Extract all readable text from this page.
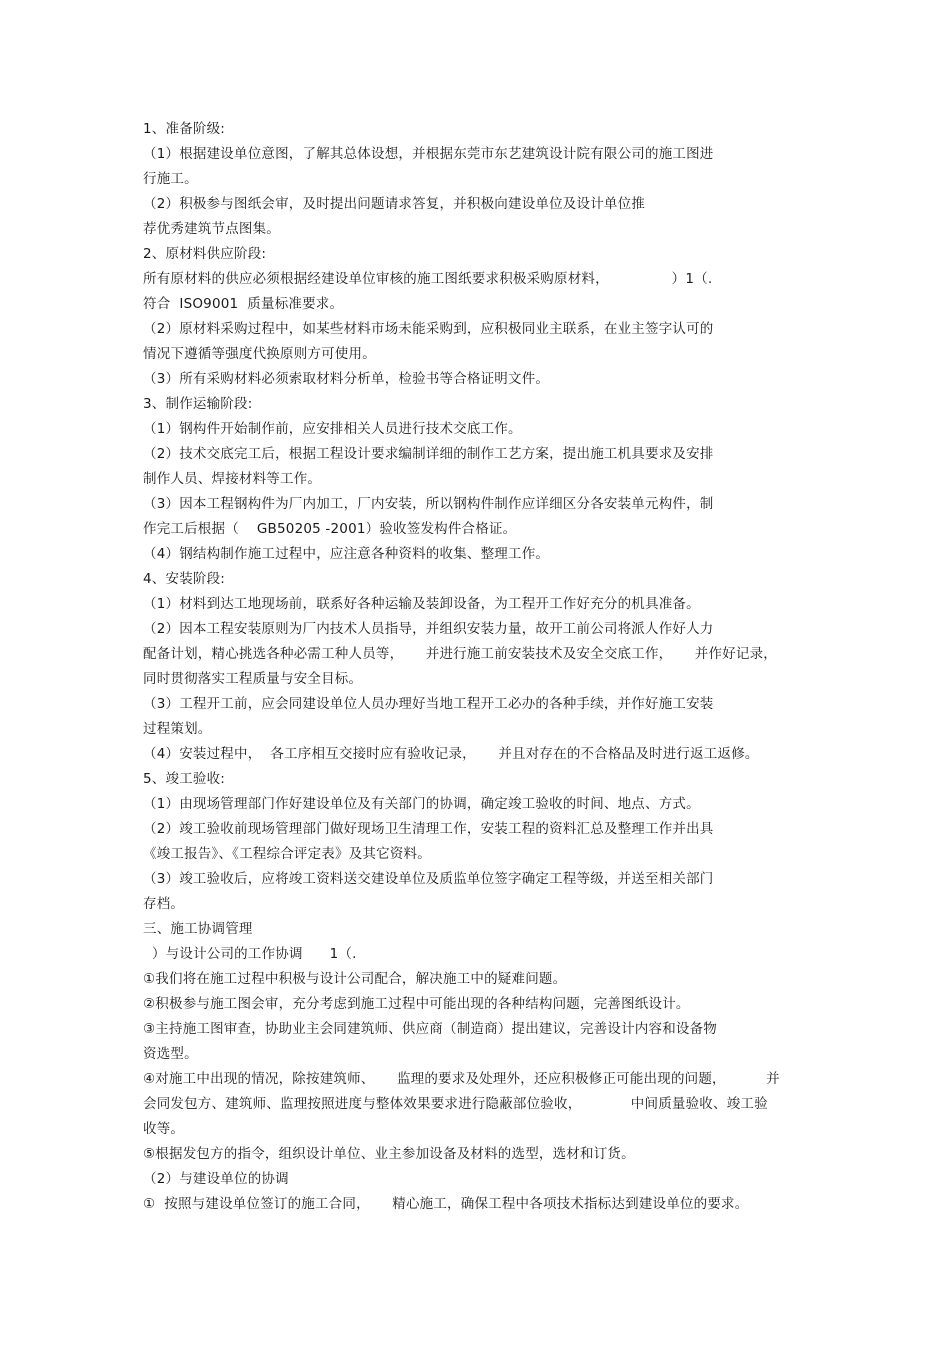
1、准备阶级:
（1）根据建设单位意图，了解其总体设想，并根据东莞市东艺建筑设计院有限公司的施工图进
行施工。
（2）积极参与图纸会审，及时提出问题请求答复，并积极向建设单位及设计单位推
荐优秀建筑节点图集。
2、原材料供应阶段:
所有原材料的供应必须根据经建设单位审核的施工图纸要求积极采购原材料，              ）1（.
符合  ISO9001  质量标准要求。
（2）原材料采购过程中，如某些材料市场未能采购到，应积极同业主联系，在业主签字认可的
情况下遵循等强度代换原则方可使用。
（3）所有采购材料必须索取材料分析单，检验书等合格证明文件。
3、制作运输阶段:
（1）钢构件开始制作前，应安排相关人员进行技术交底工作。
（2）技术交底完工后，根据工程设计要求编制详细的制作工艺方案，提出施工机具要求及安排
制作人员、焊接材料等工作。
（3）因本工程钢构件为厂内加工，厂内安装，所以钢构件制作应详细区分各安装单元构件，制
作完工后根据（    GB50205 -2001）验收签发构件合格证。
（4）钢结构制作施工过程中，应注意各种资料的收集、整理工作。
4、安装阶段:
（1）材料到达工地现场前，联系好各种运输及装卸设备，为工程开工作好充分的机具准备。
（2）因本工程安装原则为厂内技术人员指导，并组织安装力量，故开工前公司将派人作好人力
配备计划，精心挑选各种必需工种人员等，     并进行施工前安装技术及安全交底工作，     并作好记录，
同时贯彻落实工程质量与安全目标。
（3）工程开工前，应会同建设单位人员办理好当地工程开工必办的各种手续，并作好施工安装
过程策划。
（4）安装过程中，  各工序相互交接时应有验收记录，     并且对存在的不合格品及时进行返工返修。
5、竣工验收:
（1）由现场管理部门作好建设单位及有关部门的协调，确定竣工验收的时间、地点、方式。
（2）竣工验收前现场管理部门做好现场卫生清理工作，安装工程的资料汇总及整理工作并出具
《竣工报告》、《工程综合评定表》及其它资料。
（3）竣工验收后，应将竣工资料送交建设单位及质监单位签字确定工程等级，并送至相关部门
存档。
三、施工协调管理
）与设计公司的工作协调      1（.
①我们将在施工过程中积极与设计公司配合，解决施工中的疑难问题。
②积极参与施工图会审，充分考虑到施工过程中可能出现的各种结构问题，完善图纸设计。
③主持施工图审查，协助业主会同建筑师、供应商（制造商）提出建议，完善设计内容和设备物
资选型。
④对施工中出现的情况，除按建筑师、     监理的要求及处理外，还应积极修正可能出现的问题，         并
会同发包方、建筑师、监理按照进度与整体效果要求进行隐蔽部位验收，           中间质量验收、竣工验
收等。
⑤根据发包方的指令，组织设计单位、业主参加设备及材料的选型，选材和订货。
（2）与建设单位的协调
①  按照与建设单位签订的施工合同，     精心施工，确保工程中各项技术指标达到建设单位的要求。
